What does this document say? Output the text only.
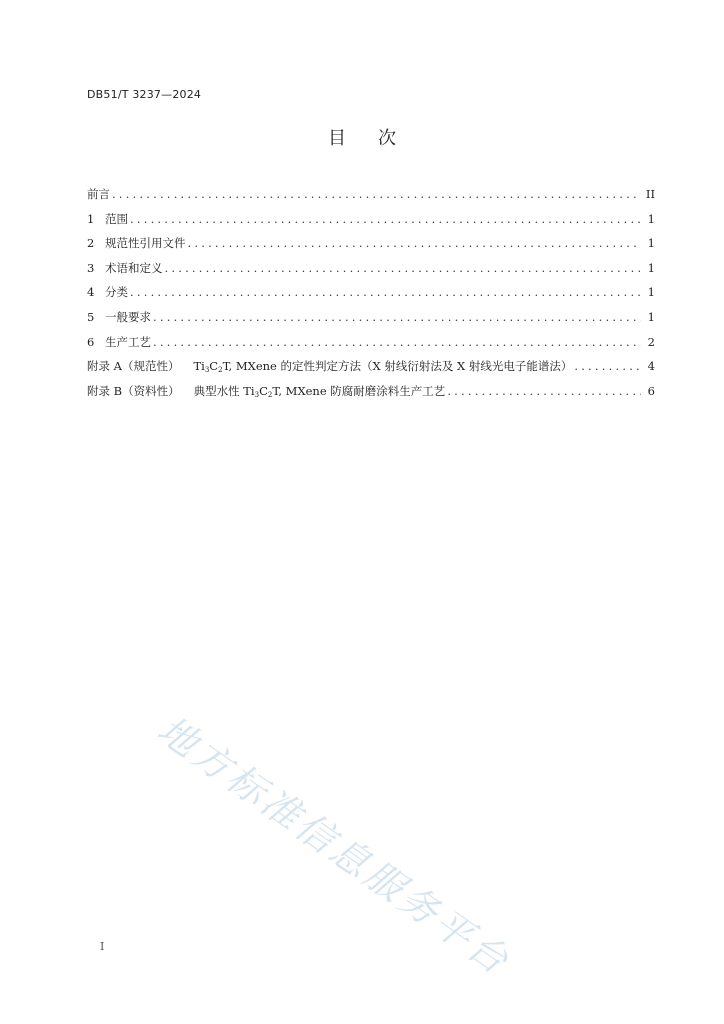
DB51/T 3237—2024
目 次
前言 .....	II
1 范围 .....	1
2 规范性引用文件 .....	1
3 术语和定义 .....	1
4 分类 .....	1
5 一般要求 .....	1
6 生产工艺 .....	2
附录 A（规范性） $Ti_3C_2T$, MXene 的定性判定方法（X 射线衍射法及 X 射线光电子能谱法） .....	4
附录 B（资料性） 典型水性 $Ti_3C_2T$, MXene 防腐耐磨涂料生产工艺 .....	6
地方标准信息服务平台
I
